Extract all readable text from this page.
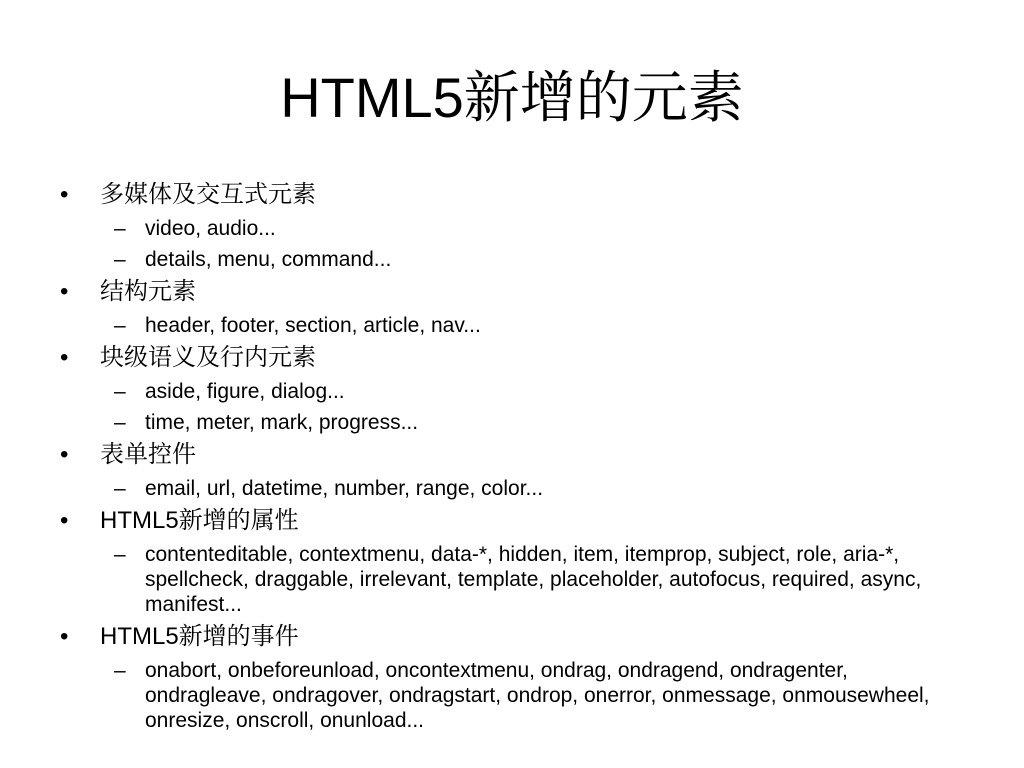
HTML5新增的元素
• 多媒体及交互式元素
– video, audio...
– details, menu, command...
• 结构元素
– header, footer, section, article, nav...
• 块级语义及行内元素
– aside, figure, dialog...
– time, meter, mark, progress...
• 表单控件
– email, url, datetime, number, range, color...
• HTML5新增的属性
– contenteditable, contextmenu, data-*, hidden, item, itemprop, subject, role, aria-*, spellcheck, draggable, irrelevant, template, placeholder, autofocus, required, async, manifest...
• HTML5新增的事件
– onabort, onbeforeunload, oncontextmenu, ondrag, ondragend, ondragenter, ondragleave, ondragover, ondragstart, ondrop, onerror, onmessage, onmousewheel, onresize, onscroll, onunload...
